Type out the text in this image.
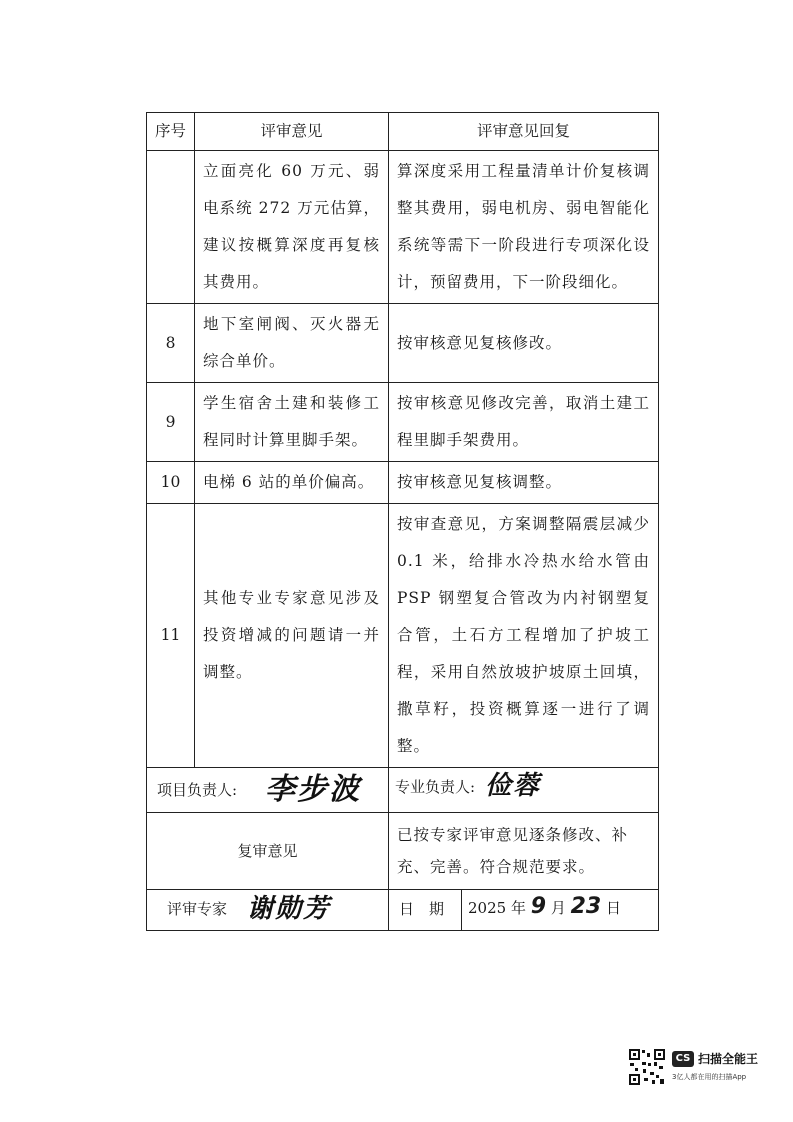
序号	评审意见	评审意见回复	
	立面亮化 60 万元、弱电系统 272 万元估算，建议按概算深度再复核其费用。	算深度采用工程量清单计价复核调整其费用，弱电机房、弱电智能化系统等需下一阶段进行专项深化设计，预留费用，下一阶段细化。	
8	地下室闸阀、灭火器无综合单价。	按审核意见复核修改。	
9	学生宿舍土建和装修工程同时计算里脚手架。	按审核意见修改完善，取消土建工程里脚手架费用。	
10	电梯 6 站的单价偏高。	按审核意见复核调整。	
11	其他专业专家意见涉及投资增减的问题请一并调整。	按审查意见，方案调整隔震层减少 0.1 米，给排水冷热水给水管由 PSP 钢塑复合管改为内衬钢塑复合管，土石方工程增加了护坡工程，采用自然放坡护坡原土回填，撒草籽，投资概算逐一进行了调整。	

项目负责人: 李步波		专业负责人: 俭蓉	

复审意见		已按专家评审意见逐条修改、补充、完善。符合规范要求。	

评审专家 谢勋芳		日　期	2025 年 9 月 23 日
CS 扫描全能王
3亿人都在用的扫描App
